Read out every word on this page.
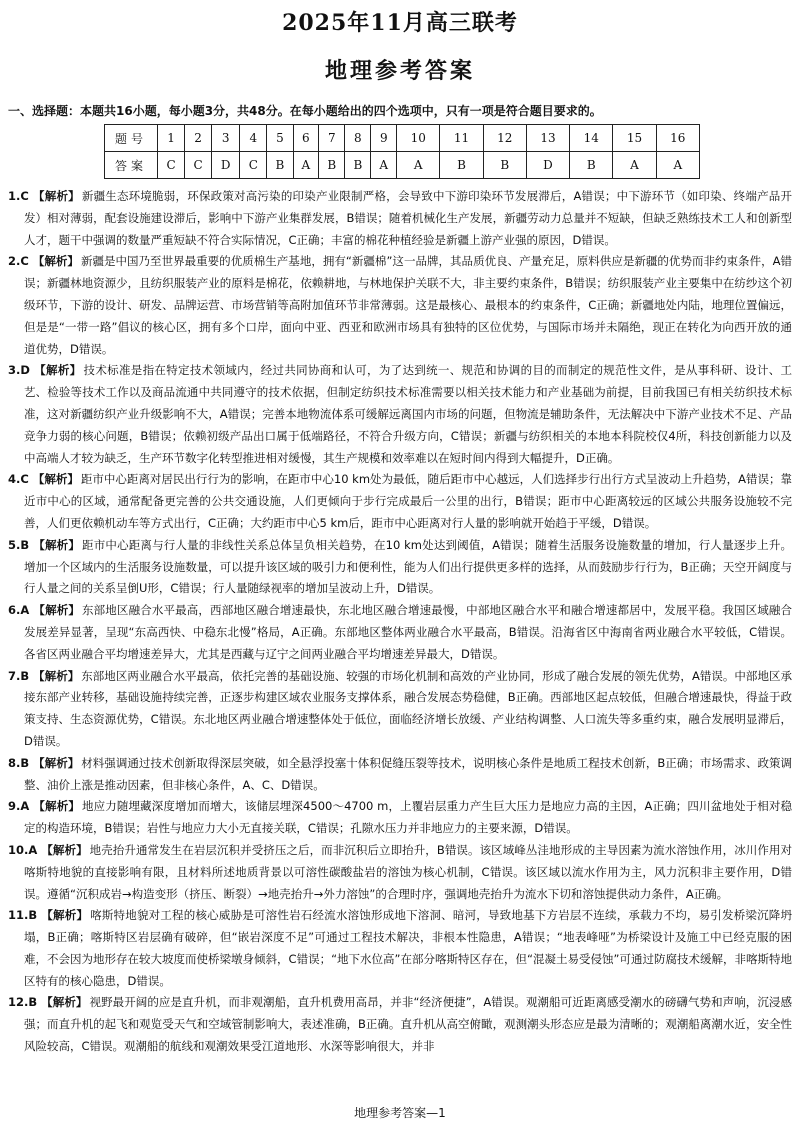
2025年11月高三联考
地理参考答案
一、选择题：本题共16小题，每小题3分，共48分。在每小题给出的四个选项中，只有一项是符合题目要求的。
题号	1	2	3	4	5	6	7	8	9	10	11	12	13	14	15	16
答案	C	C	D	C	B	A	B	B	A	A	B	B	D	B	A	A
1.C 【解析】 新疆生态环境脆弱，环保政策对高污染的印染产业限制严格，会导致中下游印染环节发展滞后，A错误；中下游环节（如印染、终端产品开发）相对薄弱，配套设施建设滞后，影响中下游产业集群发展，B错误；随着机械化生产发展，新疆劳动力总量并不短缺，但缺乏熟练技术工人和创新型人才，题干中强调的数量严重短缺不符合实际情况，C正确；丰富的棉花种植经验是新疆上游产业强的原因，D错误。
2.C 【解析】 新疆是中国乃至世界最重要的优质棉生产基地，拥有“新疆棉”这一品牌，其品质优良、产量充足，原料供应是新疆的优势而非约束条件，A错误；新疆林地资源少，且纺织服装产业的原料是棉花，依赖耕地，与林地保护关联不大，非主要约束条件，B错误；纺织服装产业主要集中在纺纱这个初级环节，下游的设计、研发、品牌运营、市场营销等高附加值环节非常薄弱。这是最核心、最根本的约束条件，C正确；新疆地处内陆，地理位置偏远，但是是“一带一路”倡议的核心区，拥有多个口岸，面向中亚、西亚和欧洲市场具有独特的区位优势，与国际市场并未隔绝，现正在转化为向西开放的通道优势，D错误。
3.D 【解析】 技术标准是指在特定技术领域内，经过共同协商和认可，为了达到统一、规范和协调的目的而制定的规范性文件，是从事科研、设计、工艺、检验等技术工作以及商品流通中共同遵守的技术依据，但制定纺织技术标准需要以相关技术能力和产业基础为前提，目前我国已有相关纺织技术标准，这对新疆纺织产业升级影响不大，A错误；完善本地物流体系可缓解远离国内市场的问题，但物流是辅助条件，无法解决中下游产业技术不足、产品竞争力弱的核心问题，B错误；依赖初级产品出口属于低端路径，不符合升级方向，C错误；新疆与纺织相关的本地本科院校仅4所，科技创新能力以及中高端人才较为缺乏，生产环节数字化转型推进相对缓慢，其生产规模和效率难以在短时间内得到大幅提升，D正确。
4.C 【解析】 距市中心距离对居民出行行为的影响，在距市中心10 km处为最低，随后距市中心越远，人们选择步行出行方式呈波动上升趋势，A错误；靠近市中心的区域，通常配备更完善的公共交通设施，人们更倾向于步行完成最后一公里的出行，B错误；距市中心距离较远的区域公共服务设施较不完善，人们更依赖机动车等方式出行，C正确；大约距市中心5 km后，距市中心距离对行人量的影响就开始趋于平缓，D错误。
5.B 【解析】 距市中心距离与行人量的非线性关系总体呈负相关趋势，在10 km处达到阈值，A错误；随着生活服务设施数量的增加，行人量逐步上升。增加一个区域内的生活服务设施数量，可以提升该区域的吸引力和便利性，能为人们出行提供更多样的选择，从而鼓励步行行为，B正确；天空开阔度与行人量之间的关系呈倒U形，C错误；行人量随绿视率的增加呈波动上升，D错误。
6.A 【解析】 东部地区融合水平最高，西部地区融合增速最快，东北地区融合增速最慢，中部地区融合水平和融合增速都居中，发展平稳。我国区域融合发展差异显著，呈现“东高西快、中稳东北慢”格局，A正确。东部地区整体两业融合水平最高，B错误。沿海省区中海南省两业融合水平较低，C错误。各省区两业融合平均增速差异大，尤其是西藏与辽宁之间两业融合平均增速差异最大，D错误。
7.B 【解析】 东部地区两业融合水平最高，依托完善的基础设施、较强的市场化机制和高效的产业协同，形成了融合发展的领先优势，A错误。中部地区承接东部产业转移，基础设施持续完善，正逐步构建区域农业服务支撑体系，融合发展态势稳健，B正确。西部地区起点较低，但融合增速最快，得益于政策支持、生态资源优势，C错误。东北地区两业融合增速整体处于低位，面临经济增长放缓、产业结构调整、人口流失等多重约束，融合发展明显滞后，D错误。
8.B 【解析】 材料强调通过技术创新取得深层突破，如全悬浮投塞十体积促缝压裂等技术，说明核心条件是地质工程技术创新，B正确；市场需求、政策调整、油价上涨是推动因素，但非核心条件，A、C、D错误。
9.A 【解析】 地应力随埋藏深度增加而增大，该储层埋深4500～4700 m，上覆岩层重力产生巨大压力是地应力高的主因，A正确；四川盆地处于相对稳定的构造环境，B错误；岩性与地应力大小无直接关联，C错误；孔隙水压力并非地应力的主要来源，D错误。
10.A 【解析】 地壳抬升通常发生在岩层沉积并受挤压之后，而非沉积后立即抬升，B错误。该区域峰丛洼地形成的主导因素为流水溶蚀作用，冰川作用对喀斯特地貌的直接影响有限，且材料所述地质背景以可溶性碳酸盐岩的溶蚀为核心机制，C错误。该区域以流水作用为主，风力沉积非主要作用，D错误。遵循“沉积成岩→构造变形（挤压、断裂）→地壳抬升→外力溶蚀”的合理时序，强调地壳抬升为流水下切和溶蚀提供动力条件，A正确。
11.B 【解析】 喀斯特地貌对工程的核心威胁是可溶性岩石经流水溶蚀形成地下溶洞、暗河，导致地基下方岩层不连续，承载力不均，易引发桥梁沉降坍塌，B正确；喀斯特区岩层确有破碎，但“嵌岩深度不足”可通过工程技术解决，非根本性隐患，A错误；“地表峰哑”为桥梁设计及施工中已经克服的困难，不会因为地形存在较大坡度而使桥梁墩身倾斜，C错误；“地下水位高”在部分喀斯特区存在，但“混凝土易受侵蚀”可通过防腐技术缓解，非喀斯特地区特有的核心隐患，D错误。
12.B 【解析】 视野最开阔的应是直升机，而非观潮船，直升机费用高昂，并非“经济便捷”，A错误。观潮船可近距离感受潮水的磅礴气势和声响，沉浸感强；而直升机的起飞和观览受天气和空域管制影响大，表述准确，B正确。直升机从高空俯瞰，观测潮头形态应是最为清晰的；观潮船离潮水近，安全性风险较高，C错误。观潮船的航线和观潮效果受江道地形、水深等影响很大，并非
地理参考答案—1
